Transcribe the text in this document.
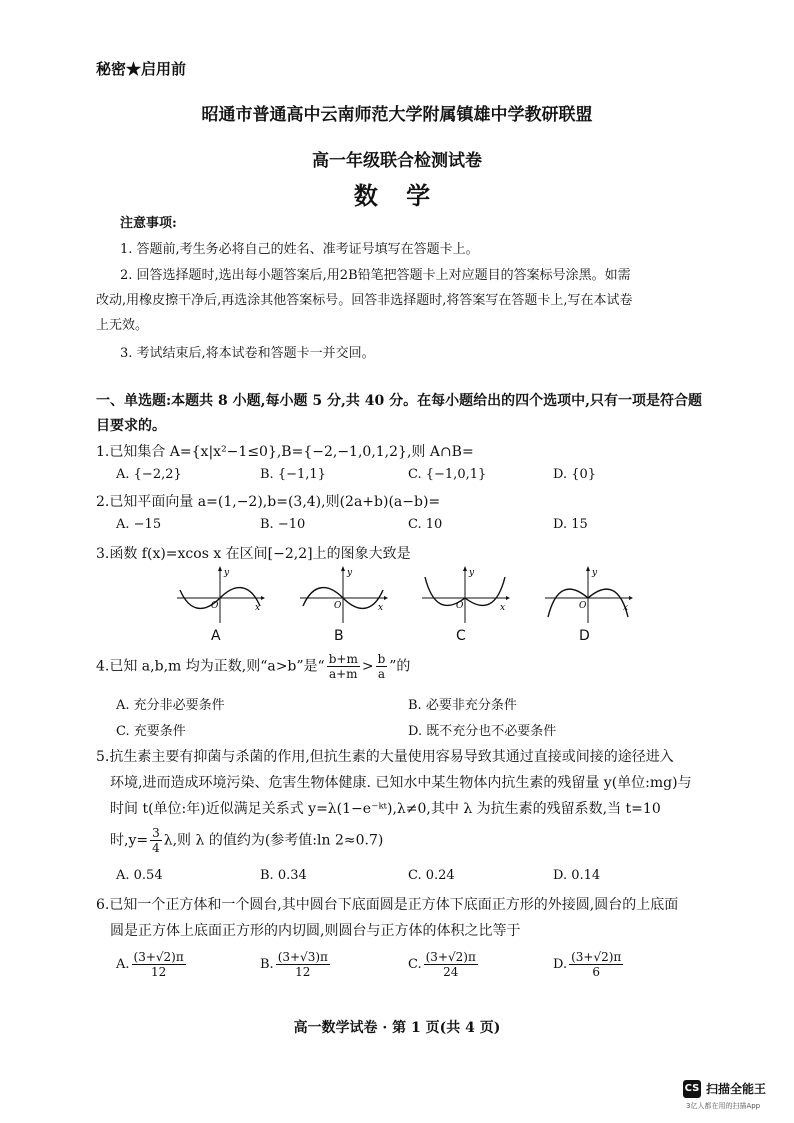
秘密★启用前
昭通市普通高中云南师范大学附属镇雄中学教研联盟
高一年级联合检测试卷
数 学
注意事项:
1. 答题前,考生务必将自己的姓名、准考证号填写在答题卡上。
2. 回答选择题时,选出每小题答案后,用2B铅笔把答题卡上对应题目的答案标号涂黑。如需
改动,用橡皮擦干净后,再选涂其他答案标号。回答非选择题时,将答案写在答题卡上,写在本试卷
上无效。
3. 考试结束后,将本试卷和答题卡一并交回。
一、单选题:本题共 8 小题,每小题 5 分,共 40 分。在每小题给出的四个选项中,只有一项是符合题
目要求的。
1.已知集合 A={x|x²−1≤0},B={−2,−1,0,1,2},则 A∩B=
A. {−2,2}	B. {−1,1}	C. {−1,0,1}	D. {0}
2.已知平面向量 a=(1,−2),b=(3,4),则(2a+b)(a−b)=
A. −15	B. −10	C. 10	D. 15
3.函数 f(x)=xcos x 在区间[−2,2]上的图象大致是
y
x
O
A
y
x
O
B
y
x
O
C
y
x
O
D
4.已知 a,b,m 均为正数,则“a>b”是“ $\frac{b+m}{a+m} > \frac{b}{a}$ ”的
A. 充分非必要条件	B. 必要非充分条件
C. 充要条件	D. 既不充分也不必要条件
5.抗生素主要有抑菌与杀菌的作用,但抗生素的大量使用容易导致其通过直接或间接的途径进入
环境,进而造成环境污染、危害生物体健康. 已知水中某生物体内抗生素的残留量 y(单位:mg)与
时间 t(单位:年)近似满足关系式 y=λ(1−e⁻ᵏᵗ),λ≠0,其中 λ 为抗生素的残留系数,当 t=10
时$,y= \frac{3}{4} \lambda$,则 λ 的值约为(参考值:ln 2≈0.7)
A. 0.54	B. 0.34	C. 0.24	D. 0.14
6.已知一个正方体和一个圆台,其中圆台下底面圆是正方体下底面正方形的外接圆,圆台的上底面
圆是正方体上底面正方形的内切圆,则圆台与正方体的体积之比等于
A. $\frac{(3+√2)\pi}{12}$	B. $\frac{(3+√3)\pi}{12}$	C. $\frac{(3+√2)\pi}{24}$	D. $\frac{(3+√2)\pi}{6}$
高一数学试卷 · 第 1 页(共 4 页)
CS 扫描全能王
3亿人都在用的扫描App
